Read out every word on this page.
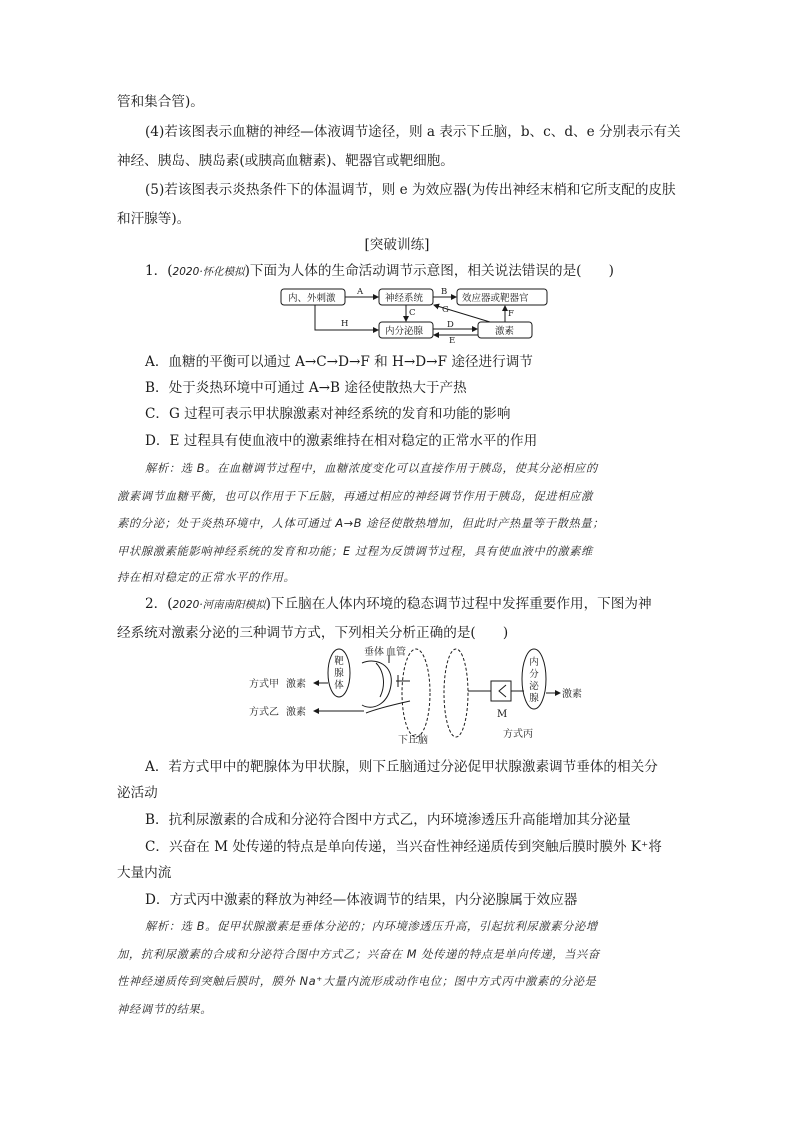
管和集合管)。
(4)若该图表示血糖的神经—体液调节途径，则 a 表示下丘脑，b、c、d、e 分别表示有关
神经、胰岛、胰岛素(或胰高血糖素)、靶器官或靶细胞。
(5)若该图表示炎热条件下的体温调节，则 e 为效应器(为传出神经末梢和它所支配的皮肤
和汗腺等)。
[突破训练]
1．(2020·怀化模拟)下面为人体的生命活动调节示意图，相关说法错误的是(　　)
内、外刺激	神经系统	效应器或靶器官
内分泌腺	激素
A	B
C
D
E
F
G
H
A．血糖的平衡可以通过 A→C→D→F 和 H→D→F 途径进行调节
B．处于炎热环境中可通过 A→B 途径使散热大于产热
C．G 过程可表示甲状腺激素对神经系统的发育和功能的影响
D．E 过程具有使血液中的激素维持在相对稳定的正常水平的作用
解析：选 B。在血糖调节过程中，血糖浓度变化可以直接作用于胰岛，使其分泌相应的
激素调节血糖平衡，也可以作用于下丘脑，再通过相应的神经调节作用于胰岛，促进相应激
素的分泌；处于炎热环境中，人体可通过 A→B 途径使散热增加，但此时产热量等于散热量；
甲状腺激素能影响神经系统的发育和功能；E 过程为反馈调节过程，具有使血液中的激素维
持在相对稳定的正常水平的作用。
2．(2020·河南南阳模拟)下丘脑在人体内环境的稳态调节过程中发挥重要作用，下图为神
经系统对激素分泌的三种调节方式，下列相关分析正确的是(　　)
方式甲 激素
方式乙 激素
垂体 血管
下丘脑
M
方式丙
激素
靶
腺
体
内
分
泌
腺
A．若方式甲中的靶腺体为甲状腺，则下丘脑通过分泌促甲状腺激素调节垂体的相关分
泌活动
B．抗利尿激素的合成和分泌符合图中方式乙，内环境渗透压升高能增加其分泌量
C．兴奋在 M 处传递的特点是单向传递，当兴奋性神经递质传到突触后膜时膜外 K⁺将
大量内流
D．方式丙中激素的释放为神经—体液调节的结果，内分泌腺属于效应器
解析：选 B。促甲状腺激素是垂体分泌的；内环境渗透压升高，引起抗利尿激素分泌增
加，抗利尿激素的合成和分泌符合图中方式乙；兴奋在 M 处传递的特点是单向传递，当兴奋
性神经递质传到突触后膜时，膜外 Na⁺大量内流形成动作电位；图中方式丙中激素的分泌是
神经调节的结果。
